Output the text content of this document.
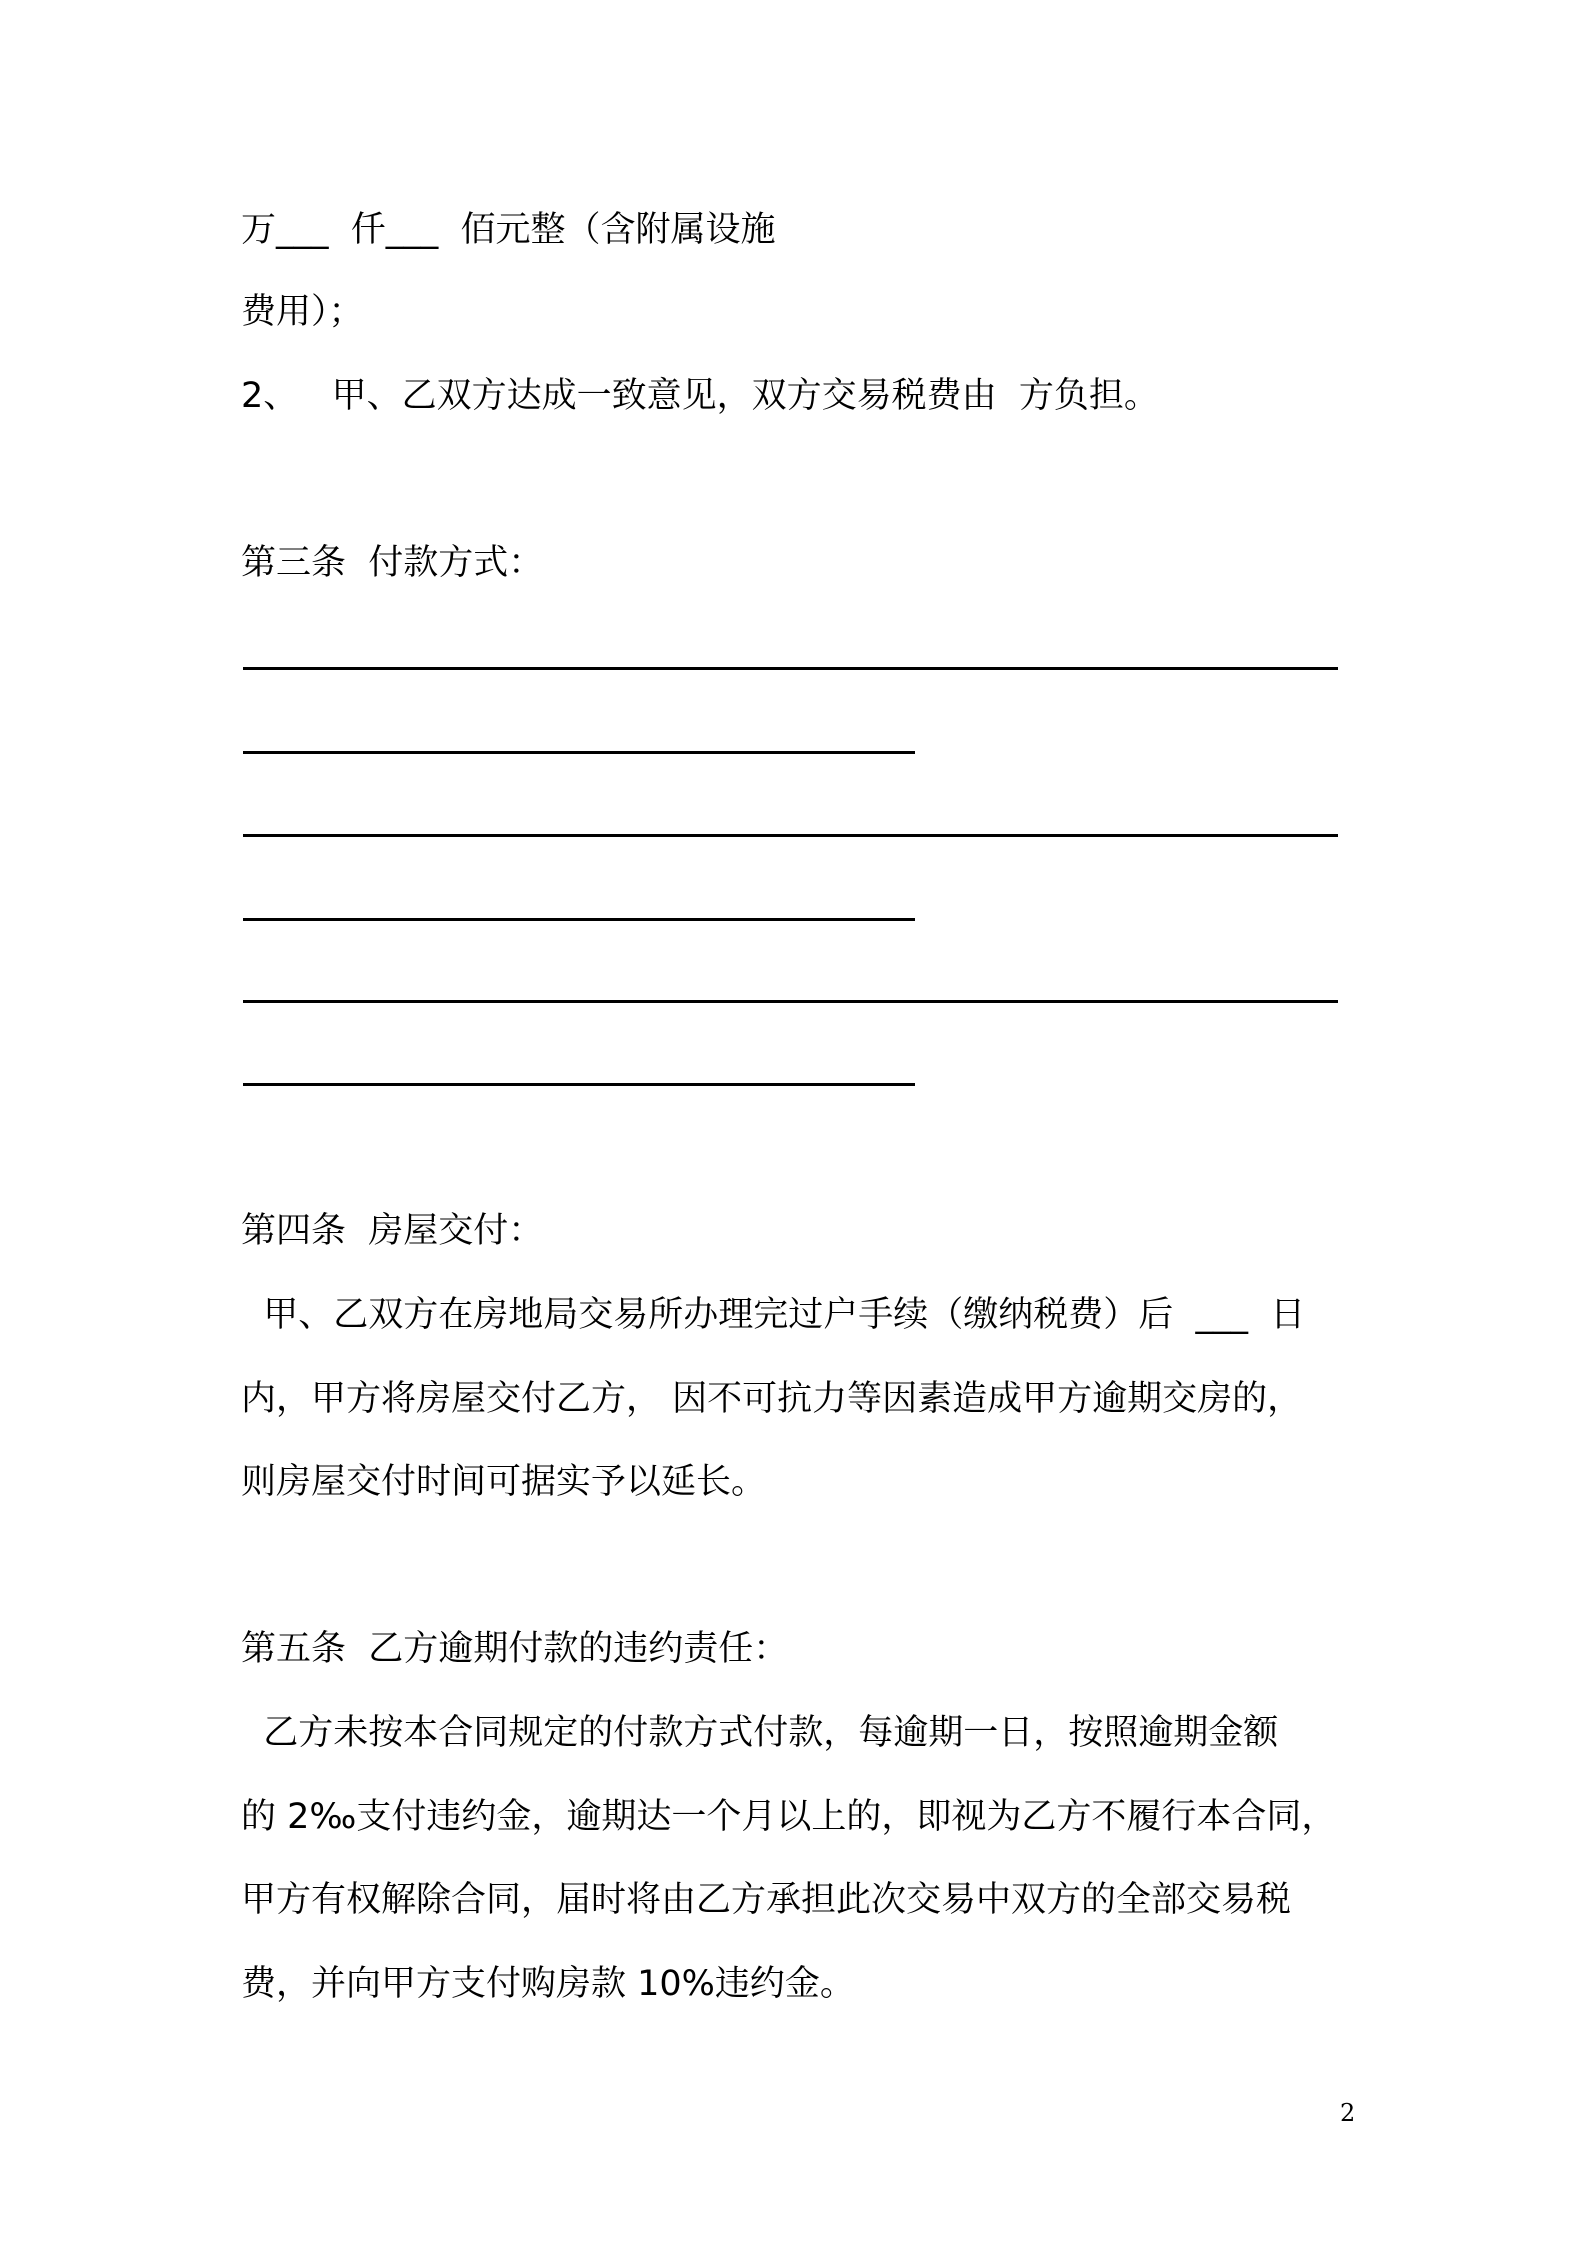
万___  仟___  佰元整（含附属设施
费用）；
2、   甲、乙双方达成一致意见，双方交易税费由  方负担。
第三条  付款方式：
第四条  房屋交付：
甲、乙双方在房地局交易所办理完过户手续（缴纳税费）后  ___  日
内，甲方将房屋交付乙方， 因不可抗力等因素造成甲方逾期交房的，
则房屋交付时间可据实予以延长。
第五条  乙方逾期付款的违约责任：
乙方未按本合同规定的付款方式付款，每逾期一日，按照逾期金额
的 2‰支付违约金，逾期达一个月以上的，即视为乙方不履行本合同，
甲方有权解除合同，届时将由乙方承担此次交易中双方的全部交易税
费，并向甲方支付购房款 10%违约金。
2
